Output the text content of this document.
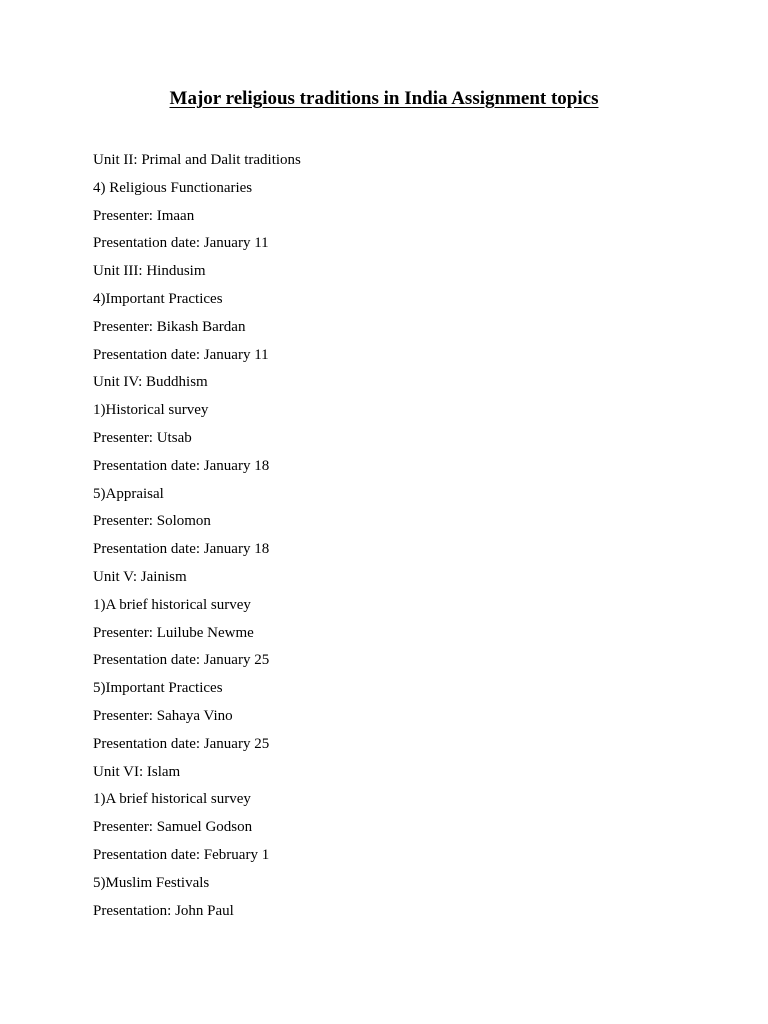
Major religious traditions in India Assignment topics
Unit II: Primal and Dalit traditions
4) Religious Functionaries
Presenter: Imaan
Presentation date: January 11
Unit III: Hindusim
4)Important Practices
Presenter: Bikash Bardan
Presentation date: January 11
Unit IV: Buddhism
1)Historical survey
Presenter: Utsab
Presentation date: January 18
5)Appraisal
Presenter: Solomon
Presentation date: January 18
Unit V: Jainism
1)A brief historical survey
Presenter: Luilube Newme
Presentation date: January 25
5)Important Practices
Presenter: Sahaya Vino
Presentation date: January 25
Unit VI: Islam
1)A brief historical survey
Presenter: Samuel Godson
Presentation date: February 1
5)Muslim Festivals
Presentation: John Paul
